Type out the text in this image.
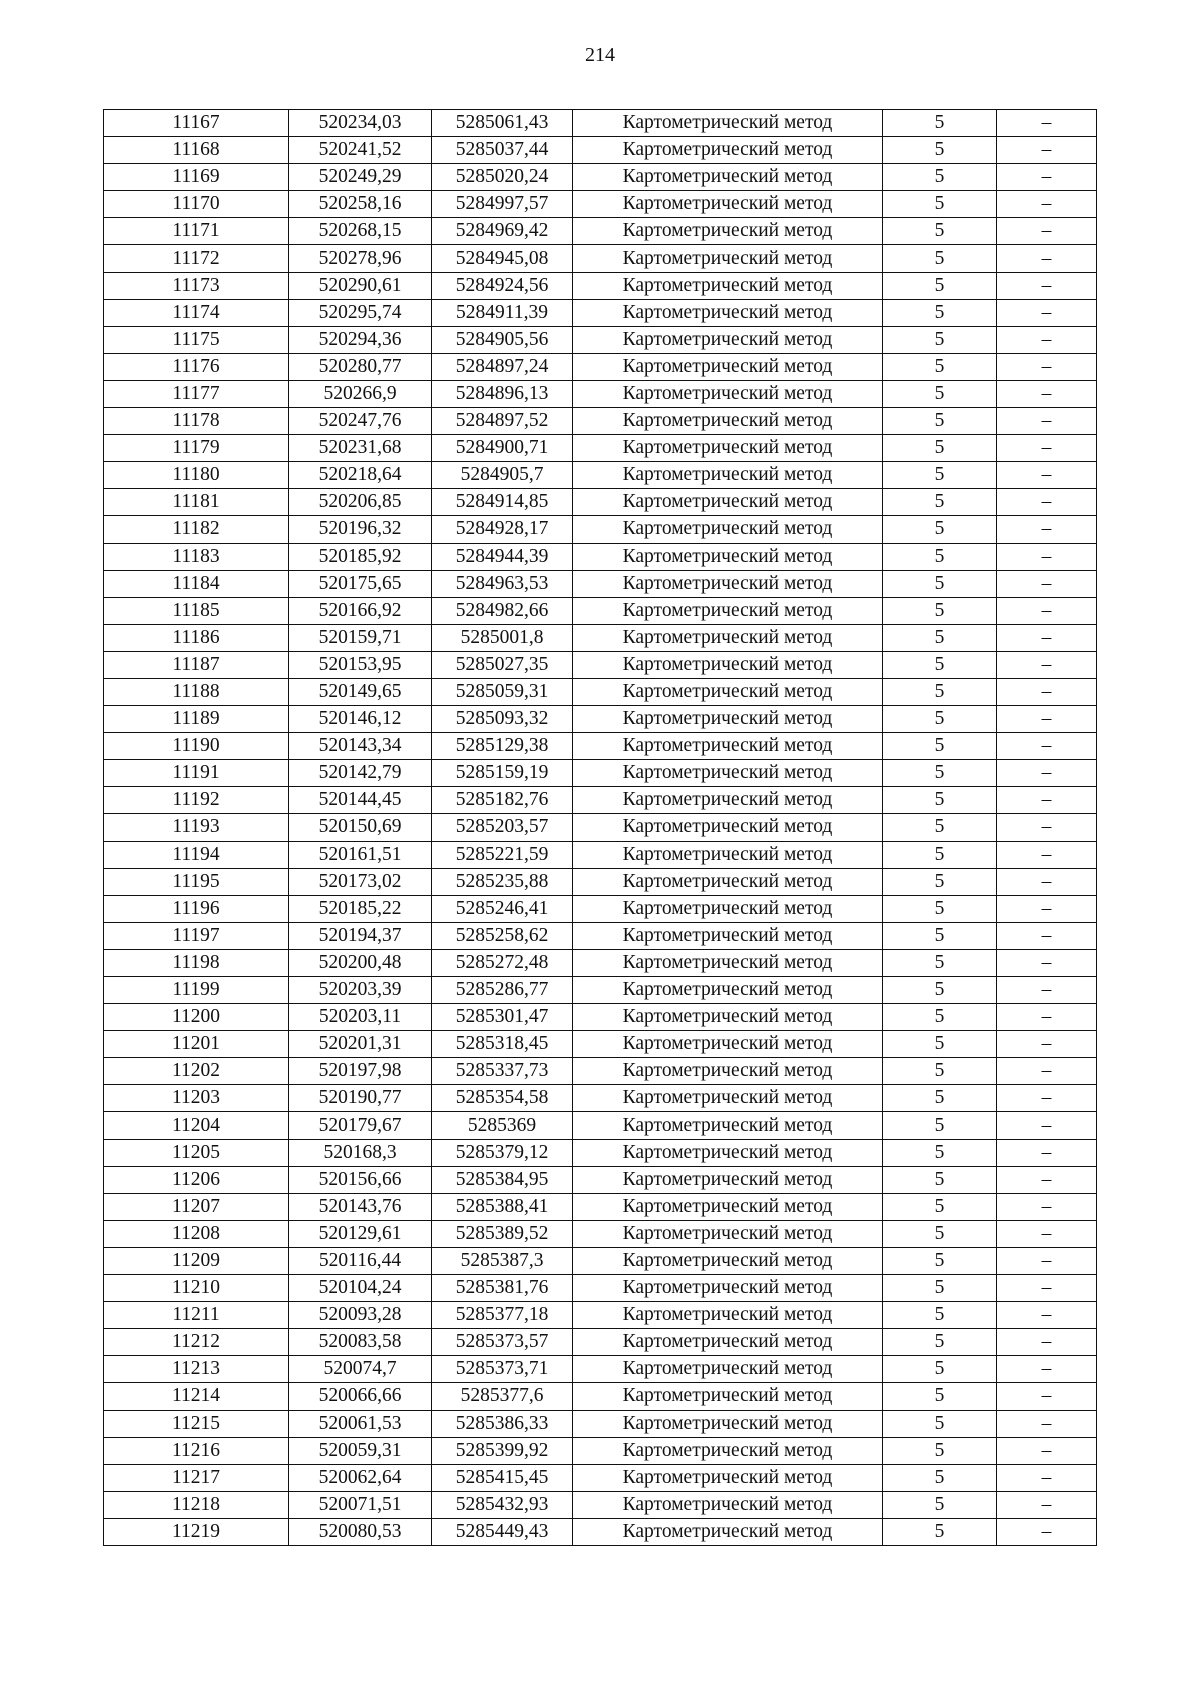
214
11167	520234,03	5285061,43	Картометрический метод	5	–
11168	520241,52	5285037,44	Картометрический метод	5	–
11169	520249,29	5285020,24	Картометрический метод	5	–
11170	520258,16	5284997,57	Картометрический метод	5	–
11171	520268,15	5284969,42	Картометрический метод	5	–
11172	520278,96	5284945,08	Картометрический метод	5	–
11173	520290,61	5284924,56	Картометрический метод	5	–
11174	520295,74	5284911,39	Картометрический метод	5	–
11175	520294,36	5284905,56	Картометрический метод	5	–
11176	520280,77	5284897,24	Картометрический метод	5	–
11177	520266,9	5284896,13	Картометрический метод	5	–
11178	520247,76	5284897,52	Картометрический метод	5	–
11179	520231,68	5284900,71	Картометрический метод	5	–
11180	520218,64	5284905,7	Картометрический метод	5	–
11181	520206,85	5284914,85	Картометрический метод	5	–
11182	520196,32	5284928,17	Картометрический метод	5	–
11183	520185,92	5284944,39	Картометрический метод	5	–
11184	520175,65	5284963,53	Картометрический метод	5	–
11185	520166,92	5284982,66	Картометрический метод	5	–
11186	520159,71	5285001,8	Картометрический метод	5	–
11187	520153,95	5285027,35	Картометрический метод	5	–
11188	520149,65	5285059,31	Картометрический метод	5	–
11189	520146,12	5285093,32	Картометрический метод	5	–
11190	520143,34	5285129,38	Картометрический метод	5	–
11191	520142,79	5285159,19	Картометрический метод	5	–
11192	520144,45	5285182,76	Картометрический метод	5	–
11193	520150,69	5285203,57	Картометрический метод	5	–
11194	520161,51	5285221,59	Картометрический метод	5	–
11195	520173,02	5285235,88	Картометрический метод	5	–
11196	520185,22	5285246,41	Картометрический метод	5	–
11197	520194,37	5285258,62	Картометрический метод	5	–
11198	520200,48	5285272,48	Картометрический метод	5	–
11199	520203,39	5285286,77	Картометрический метод	5	–
11200	520203,11	5285301,47	Картометрический метод	5	–
11201	520201,31	5285318,45	Картометрический метод	5	–
11202	520197,98	5285337,73	Картометрический метод	5	–
11203	520190,77	5285354,58	Картометрический метод	5	–
11204	520179,67	5285369	Картометрический метод	5	–
11205	520168,3	5285379,12	Картометрический метод	5	–
11206	520156,66	5285384,95	Картометрический метод	5	–
11207	520143,76	5285388,41	Картометрический метод	5	–
11208	520129,61	5285389,52	Картометрический метод	5	–
11209	520116,44	5285387,3	Картометрический метод	5	–
11210	520104,24	5285381,76	Картометрический метод	5	–
11211	520093,28	5285377,18	Картометрический метод	5	–
11212	520083,58	5285373,57	Картометрический метод	5	–
11213	520074,7	5285373,71	Картометрический метод	5	–
11214	520066,66	5285377,6	Картометрический метод	5	–
11215	520061,53	5285386,33	Картометрический метод	5	–
11216	520059,31	5285399,92	Картометрический метод	5	–
11217	520062,64	5285415,45	Картометрический метод	5	–
11218	520071,51	5285432,93	Картометрический метод	5	–
11219	520080,53	5285449,43	Картометрический метод	5	–
